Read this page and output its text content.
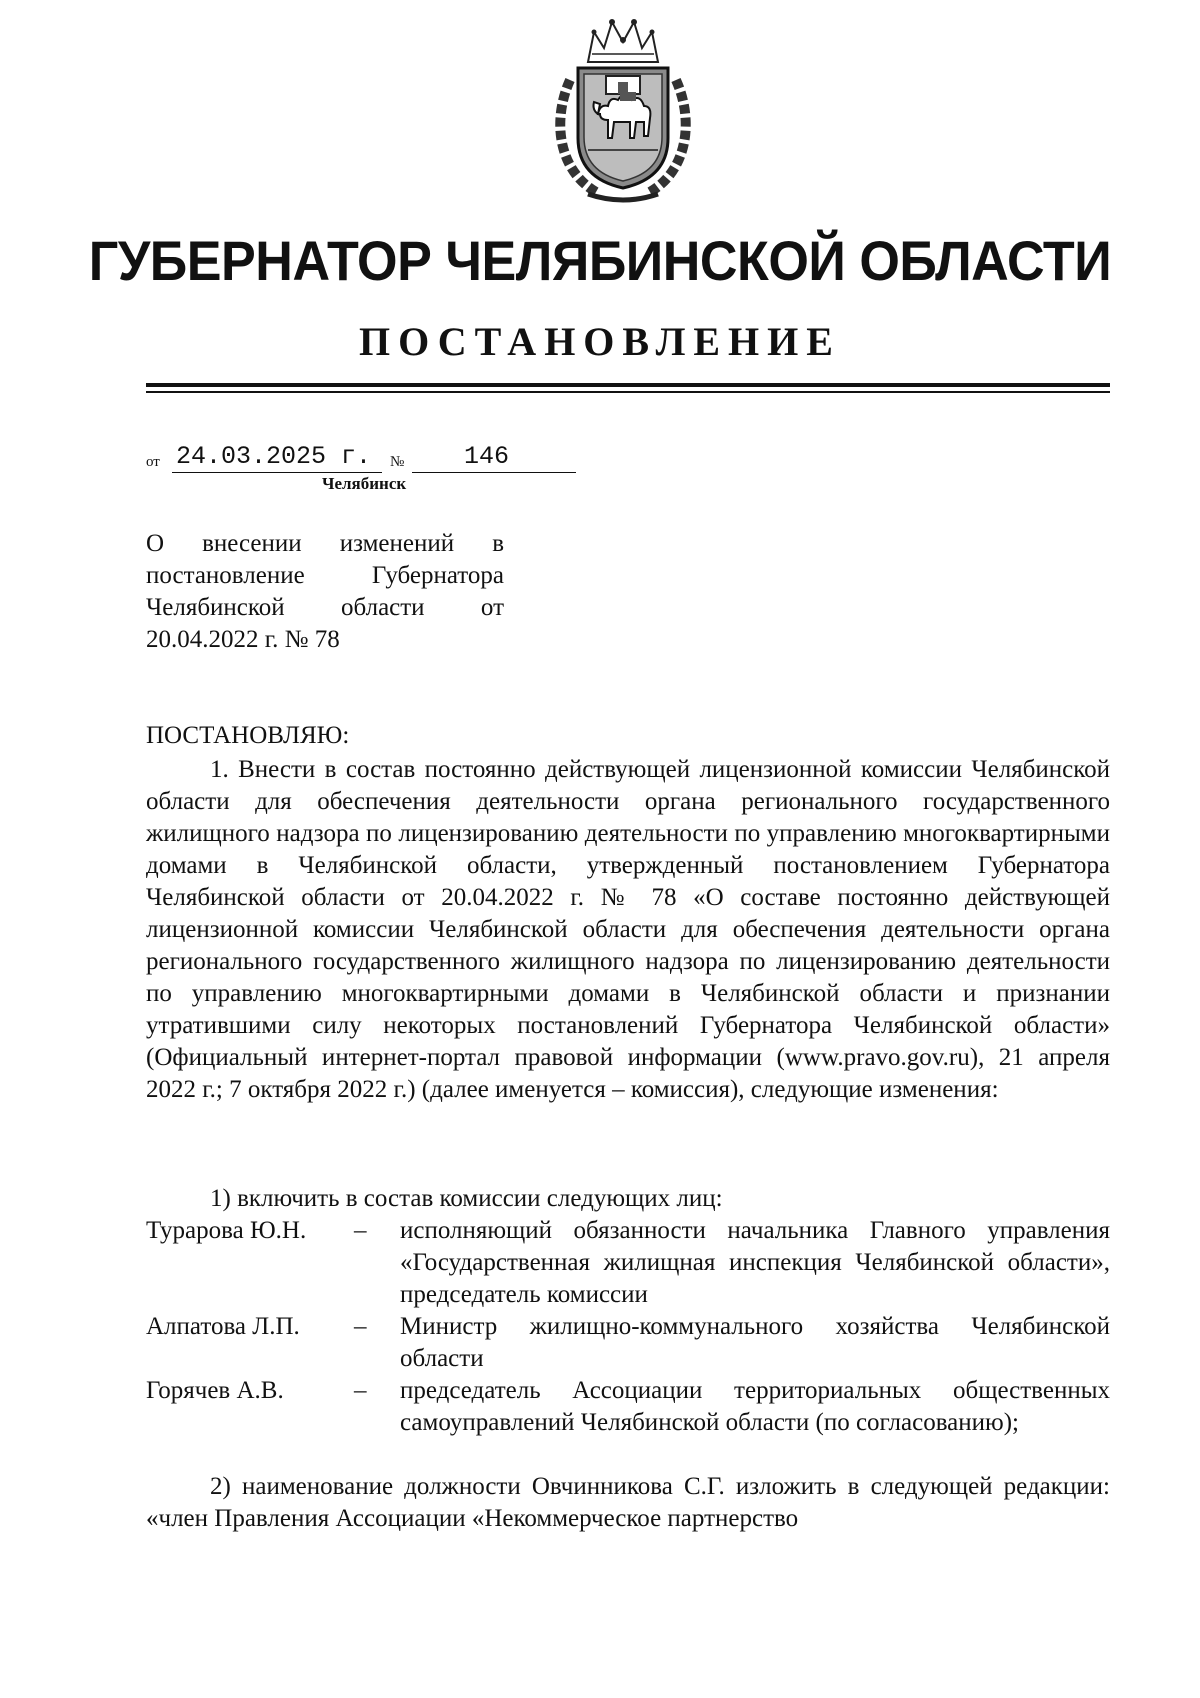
ГУБЕРНАТОР ЧЕЛЯБИНСКОЙ ОБЛАСТИ
ПОСТАНОВЛЕНИЕ
от 24.03.2025 г. № 146
Челябинск
О внесении изменений в постановление Губернатора Челябинской области от 20.04.2022 г. № 78
ПОСТАНОВЛЯЮ:
1. Внести в состав постоянно действующей лицензионной комиссии Челябинской области для обеспечения деятельности органа регионального государственного жилищного надзора по лицензированию деятельности по управлению многоквартирными домами в Челябинской области, утвержденный постановлением Губернатора Челябинской области от 20.04.2022 г. № 78 «О составе постоянно действующей лицензионной комиссии Челябинской области для обеспечения деятельности органа регионального государственного жилищного надзора по лицензированию деятельности по управлению многоквартирными домами в Челябинской области и признании утратившими силу некоторых постановлений Губернатора Челябинской области» (Официальный интернет-портал правовой информации (www.pravo.gov.ru), 21 апреля 2022 г.; 7 октября 2022 г.) (далее именуется – комиссия), следующие изменения:
1) включить в состав комиссии следующих лиц:
Турарова Ю.Н. – исполняющий обязанности начальника Главного управления «Государственная жилищная инспекция Челябинской области», председатель комиссии
Алпатова Л.П. – Министр жилищно-коммунального хозяйства Челябинской области
Горячев А.В.	– председатель Ассоциации территориальных общественных самоуправлений Челябинской области (по согласованию);
2) наименование должности Овчинникова С.Г. изложить в следующей редакции: «член Правления Ассоциации «Некоммерческое партнерство
